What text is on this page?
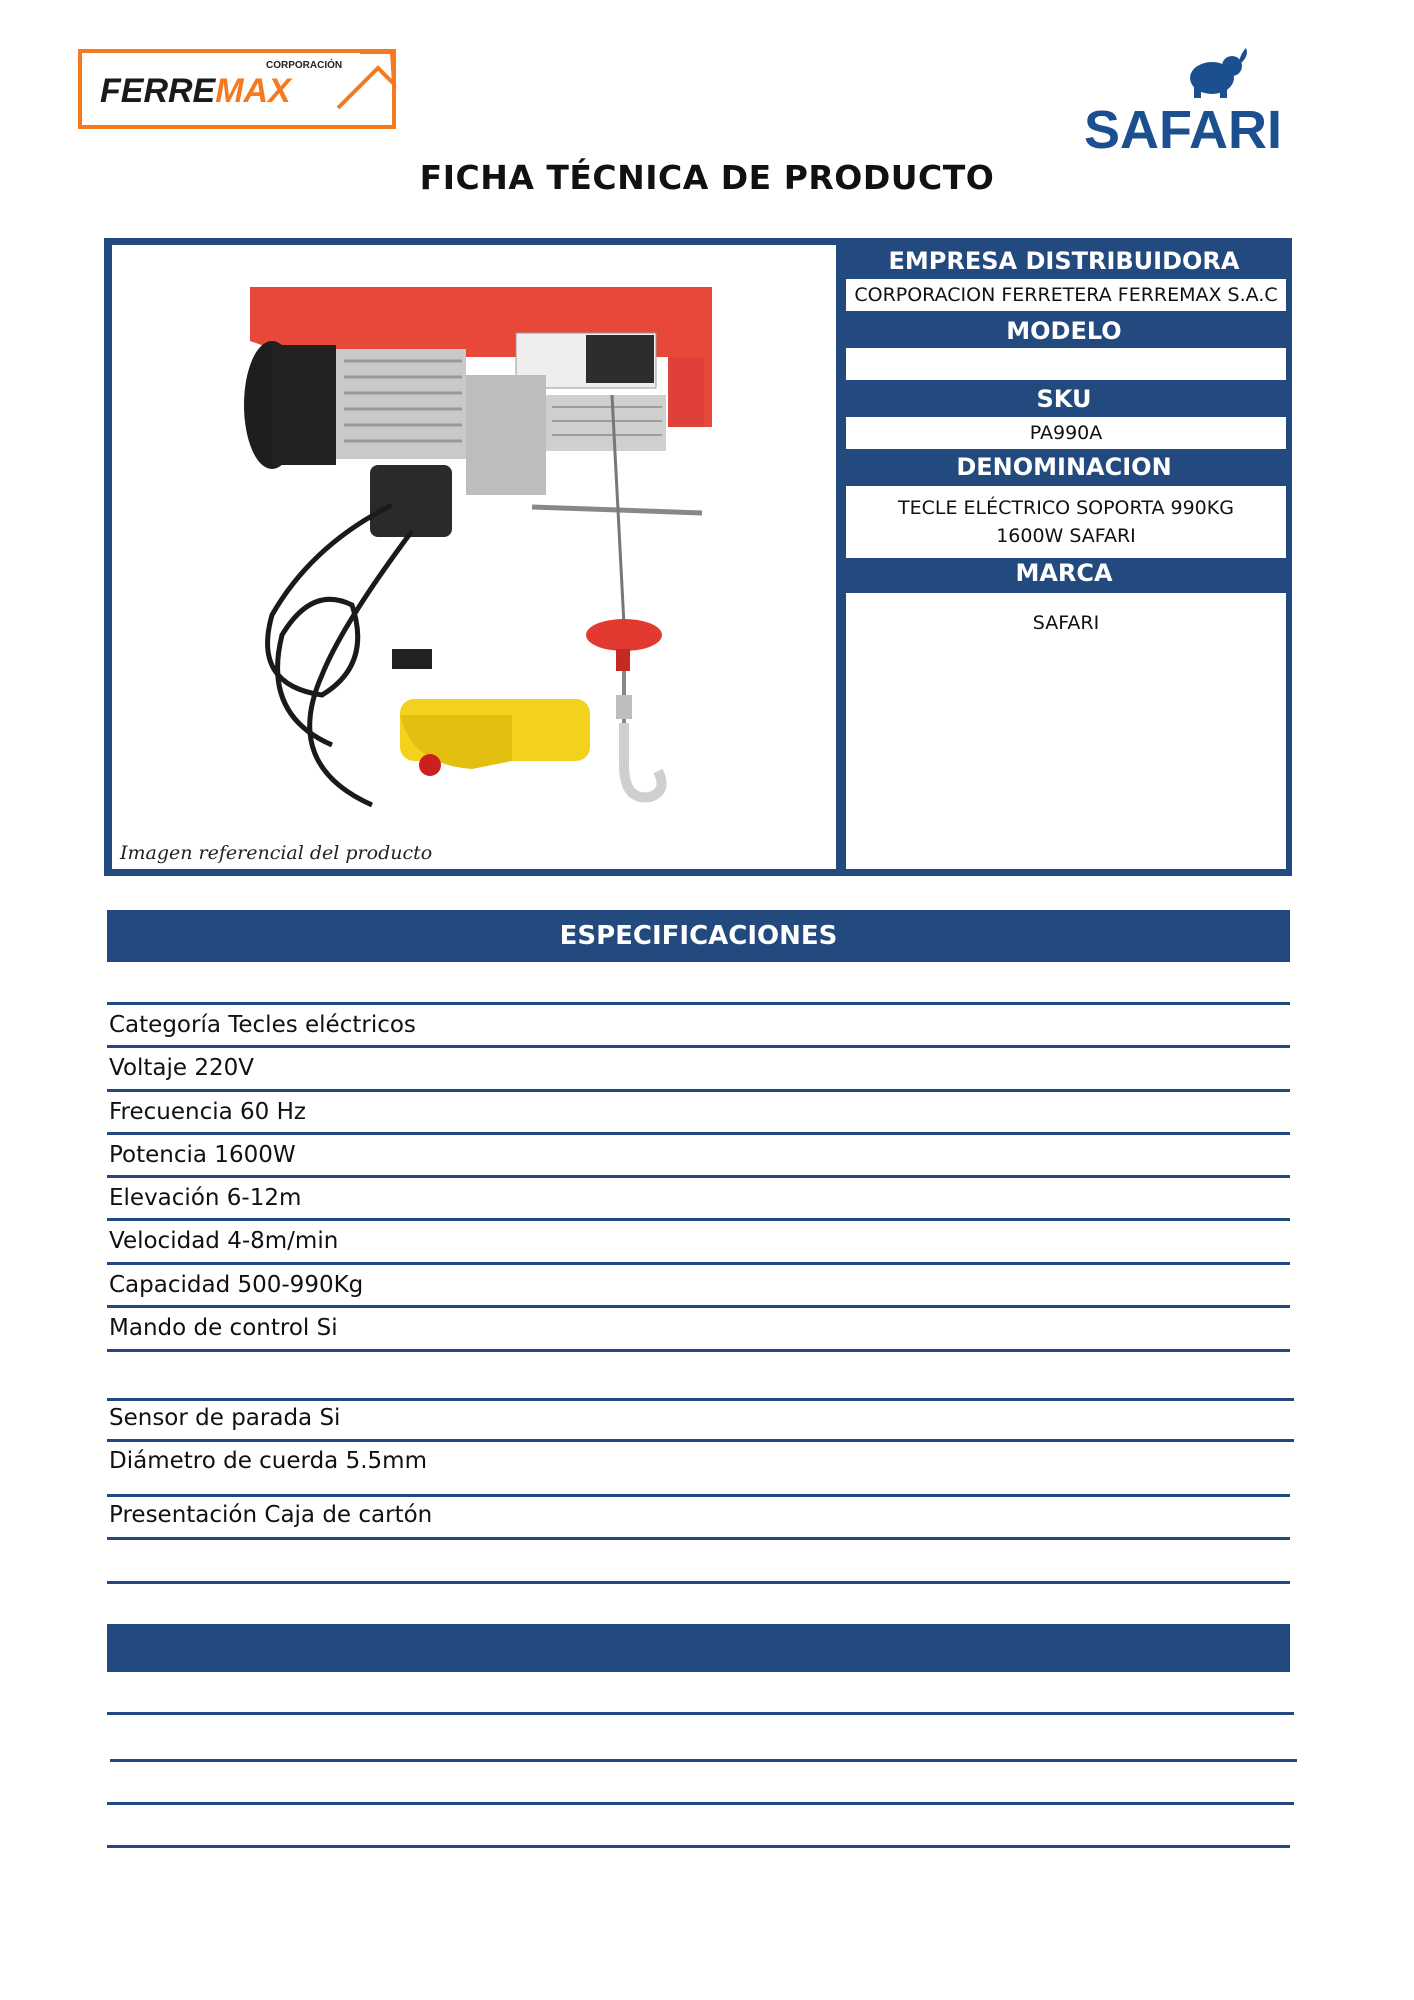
CORPORACIÓN
FERREMAX
SAFARI
FICHA TÉCNICA DE PRODUCTO
Imagen referencial del producto
EMPRESA DISTRIBUIDORA
CORPORACION FERRETERA FERREMAX S.A.C
MODELO
SKU
PA990A
DENOMINACION
TECLE ELÉCTRICO SOPORTA 990KG 1600W SAFARI
MARCA
SAFARI
ESPECIFICACIONES
Categoría Tecles eléctricos
Voltaje 220V
Frecuencia 60 Hz
Potencia 1600W
Elevación 6-12m
Velocidad 4-8m/min
Capacidad 500-990Kg
Mando de control Si
Sensor de parada Si
Diámetro de cuerda 5.5mm
Presentación Caja de cartón
